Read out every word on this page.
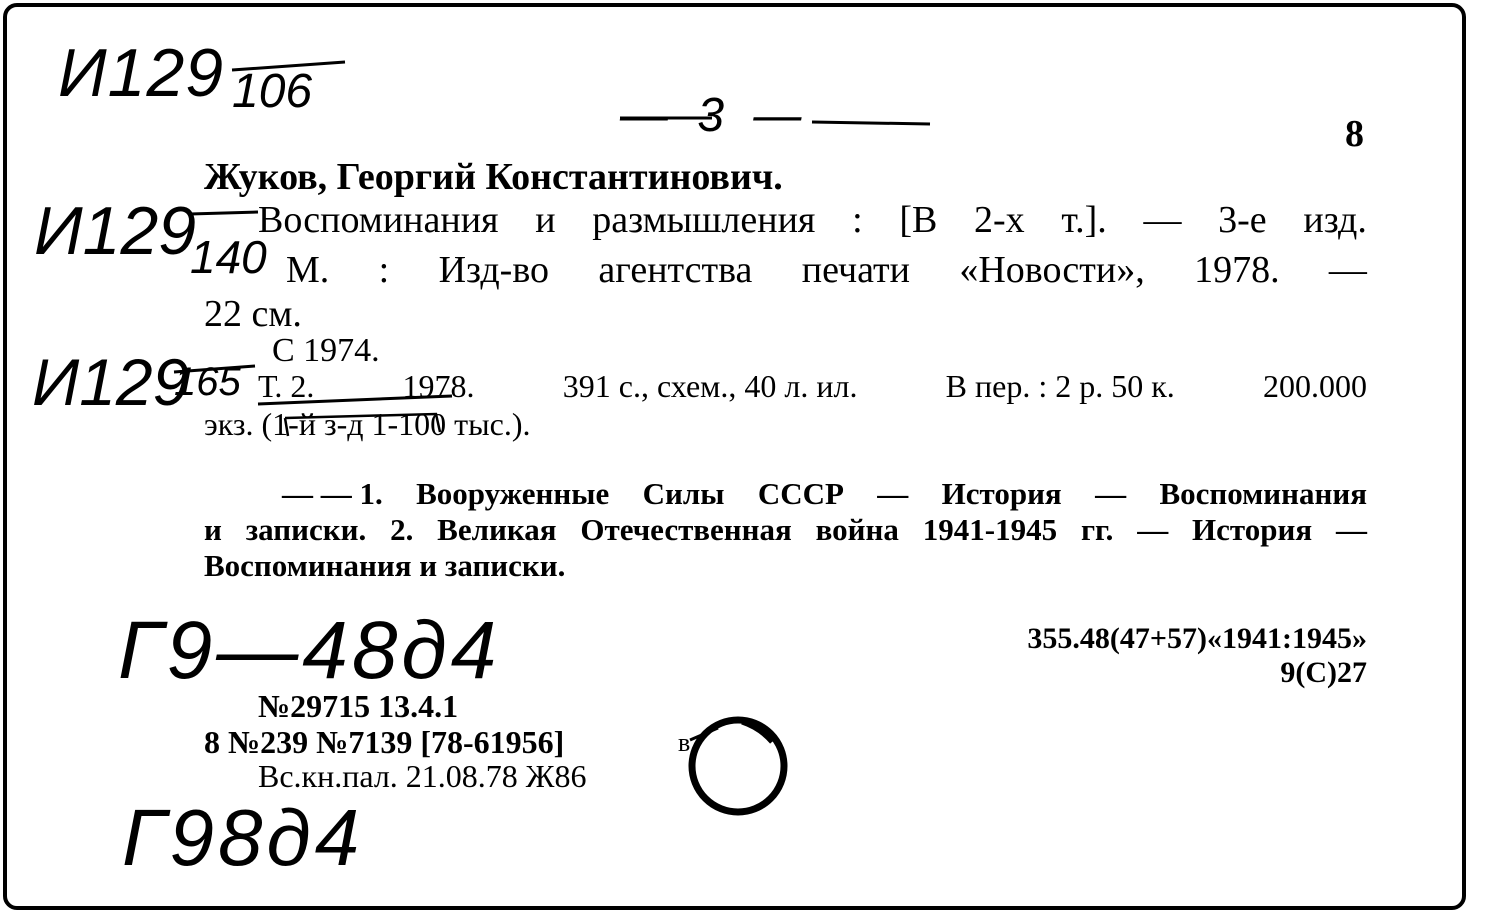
И129 106
И129
140
И129
165
— 3 —
Г9—48д4
Г98д4
8
Жуков, Георгий Константинович.
Воспоминания и размышления : [В 2-х т.]. — 3-е изд.
М. : Изд-во агентства печати «Новости», 1978. —
22 см.
С 1974.
Т. 2.	1978.	391 с., схем., 40 л. ил.	В пер. : 2 р. 50 к.	200.000
экз. (1-й з-д 1-100 тыс.).
— — 1. Вооруженные Силы СССР — История — Воспоминания
и записки. 2. Великая Отечественная война 1941-1945 гг. — История —
Воспоминания и записки.
355.48(47+57)«1941:1945»
9(С)27
№29715 13.4.1
8 №239 №7139 [78-61956]	в
Вс.кн.пал. 21.08.78 Ж86
